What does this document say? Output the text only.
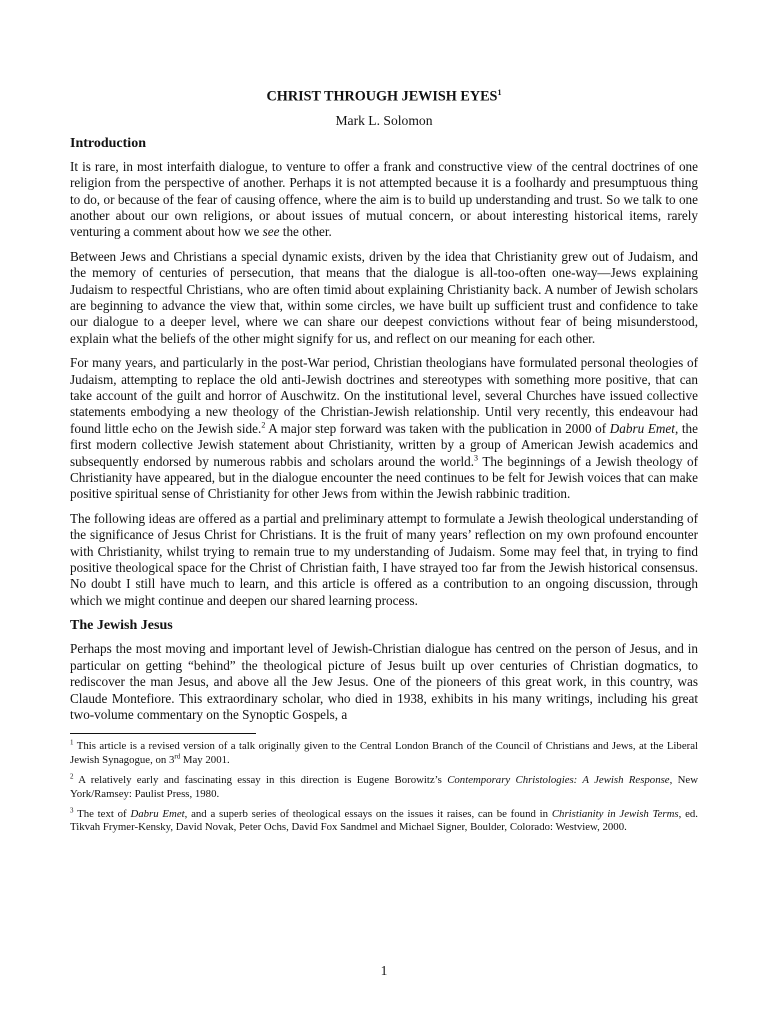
CHRIST THROUGH JEWISH EYES$^1$
Mark L. Solomon
Introduction

It is rare, in most interfaith dialogue, to venture to offer a frank and constructive view of the central doctrines of one religion from the perspective of another. Perhaps it is not attempted because it is a foolhardy and presumptuous thing to do, or because of the fear of causing offence, where the aim is to build up understanding and trust. So we talk to one another about our own religions, or about issues of mutual concern, or about interesting historical items, rarely venturing a comment about how we see the other.

Between Jews and Christians a special dynamic exists, driven by the idea that Christianity grew out of Judaism, and the memory of centuries of persecution, that means that the dialogue is all-too-often one-way—Jews explaining Judaism to respectful Christians, who are often timid about explaining Christianity back. A number of Jewish scholars are beginning to advance the view that, within some circles, we have built up sufficient trust and confidence to take our dialogue to a deeper level, where we can share our deepest convictions without fear of being misunderstood, explain what the beliefs of the other might signify for us, and reflect on our meaning for each other.

For many years, and particularly in the post-War period, Christian theologians have formulated personal theologies of Judaism, attempting to replace the old anti-Jewish doctrines and stereotypes with something more positive, that can take account of the guilt and horror of Auschwitz. On the institutional level, several Churches have issued collective statements embodying a new theology of the Christian-Jewish relationship. Until very recently, this endeavour had found little echo on the Jewish side.$^2$ A major step forward was taken with the publication in 2000 of Dabru Emet, the first modern collective Jewish statement about Christianity, written by a group of American Jewish academics and subsequently endorsed by numerous rabbis and scholars around the world.$^3$ The beginnings of a Jewish theology of Christianity have appeared, but in the dialogue encounter the need continues to be felt for Jewish voices that can make positive spiritual sense of Christianity for other Jews from within the Jewish rabbinic tradition.

The following ideas are offered as a partial and preliminary attempt to formulate a Jewish theological understanding of the significance of Jesus Christ for Christians. It is the fruit of many years’ reflection on my own profound encounter with Christianity, whilst trying to remain true to my understanding of Judaism. Some may feel that, in trying to find positive theological space for the Christ of Christian faith, I have strayed too far from the Jewish historical consensus. No doubt I still have much to learn, and this article is offered as a contribution to an ongoing discussion, through which we might continue and deepen our shared learning process.

The Jewish Jesus

Perhaps the most moving and important level of Jewish-Christian dialogue has centred on the person of Jesus, and in particular on getting “behind” the theological picture of Jesus built up over centuries of Christian dogmatics, to rediscover the man Jesus, and above all the Jew Jesus. One of the pioneers of this great work, in this country, was Claude Montefiore. This extraordinary scholar, who died in 1938, exhibits in his many writings, including his great two-volume commentary on the Synoptic Gospels, a

$^1$ This article is a revised version of a talk originally given to the Central London Branch of the Council of Christians and Jews, at the Liberal Jewish Synagogue, on 3rd May 2001.

$^2$ A relatively early and fascinating essay in this direction is Eugene Borowitz’s Contemporary Christologies: A Jewish Response, New York/Ramsey: Paulist Press, 1980.

$^3$ The text of Dabru Emet, and a superb series of theological essays on the issues it raises, can be found in Christianity in Jewish Terms, ed. Tikvah Frymer-Kensky, David Novak, Peter Ochs, David Fox Sandmel and Michael Signer, Boulder, Colorado: Westview, 2000.

1
